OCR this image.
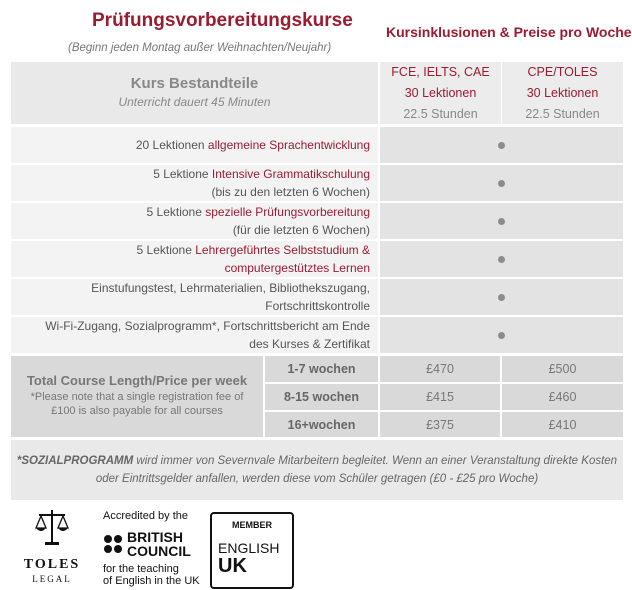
Prüfungsvorbereitungskurse
Kursinklusionen & Preise pro Woche
(Beginn jeden Montag außer Weihnachten/Neujahr)
Kurs Bestandteile
Unterricht dauert 45 Minuten
FCE, IELTS, CAE
30 Lektionen
22.5 Stunden
CPE/TOLES
30 Lektionen
22.5 Stunden
20 Lektionen allgemeine Sprachentwicklung
5 Lektione Intensive Grammatikschulung
(bis zu den letzten 6 Wochen)
5 Lektione spezielle Prüfungsvorbereitung
(für die letzten 6 Wochen)
5 Lektione Lehrergeführtes Selbststudium &
computergestütztes Lernen
Einstufungstest, Lehrmaterialien, Bibliothekszugang,
Fortschrittskontrolle
Wi-Fi-Zugang, Sozialprogramm*, Fortschrittsbericht am Ende
des Kurses & Zertifikat
Total Course Length/Price per week
*Please note that a single registration fee of £100 is also payable for all courses
1-7 wochen	£470	£500
8-15 wochen	£415	£460
16+wochen	£375	£410
*SOZIALPROGRAMM wird immer von Severnvale Mitarbeitern begleitet. Wenn an einer Veranstaltung direkte Kosten oder Eintrittsgelder anfallen, werden diese vom Schüler getragen (£0 - £25 pro Woche)
TOLES
LEGAL
Accredited by the
BRITISH
COUNCIL
for the teaching
of English in the UK
MEMBER
ENGLISH
UK
